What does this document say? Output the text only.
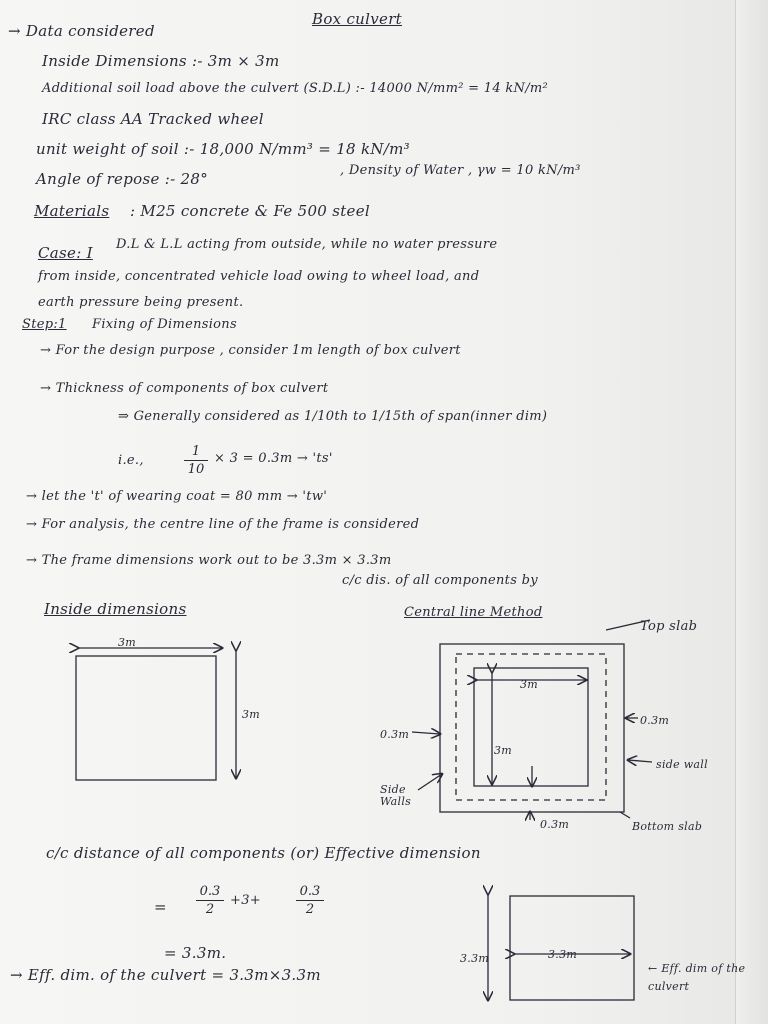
→ Data considered
Box culvert
Inside Dimensions :- 3m × 3m
Additional soil load above the culvert (S.D.L) :- 14000 N/mm² = 14 kN/m²
IRC class AA Tracked wheel
unit weight of soil :- 18,000 N/mm³ = 18 kN/m³
Angle of repose :- 28°	, Density of Water , γw = 10 kN/m³
Materials : M25 concrete & Fe 500 steel
Case: I D.L & L.L acting from outside, while no water pressure
from inside, concentrated vehicle load owing to wheel load, and
earth pressure being present.
Step:1 Fixing of Dimensions
→ For the design purpose , consider 1m length of box culvert
→ Thickness of components of box culvert
⇒ Generally considered as 1/10th to 1/15th of span(inner dim)
i.e.,
1
10
× 3 = 0.3m → 'ts'
→ let the 't' of wearing coat = 80 mm → 'tw'
→ For analysis, the centre line of the frame is considered
→ The frame dimensions work out to be 3.3m × 3.3m
Inside dimensions
3m
3m
c/c dis. of all components by
Central line Method
Top slab
3m
3m
0.3m
0.3m
Side Walls
side wall
0.3m	Bottom slab
c/c distance of all components (or) Effective dimension
=
0.3
2
+3+
0.3
2
= 3.3m.
→ Eff. dim. of the culvert = 3.3m×3.3m
3.3m	3.3m
← Eff. dim of the culvert
